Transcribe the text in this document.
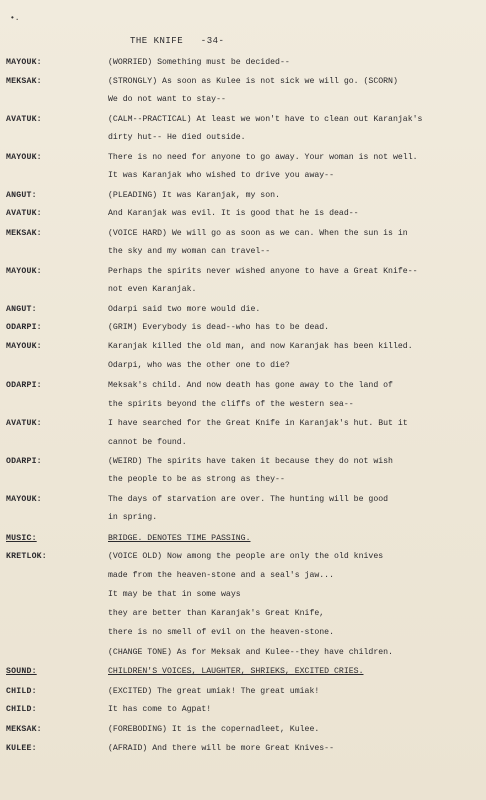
•.
THE KNIFE   -34-
MAYOUK:	(WORRIED) Something must be decided--
MEKSAK:	(STRONGLY) As soon as Kulee is not sick we will go. (SCORN)
We do not want to stay--
AVATUK:	(CALM--PRACTICAL) At least we won't have to clean out Karanjak's
dirty hut-- He died outside.
MAYOUK:	There is no need for anyone to go away. Your woman is not well.
It was Karanjak who wished to drive you away--
ANGUT:	(PLEADING) It was Karanjak, my son.
AVATUK:	And Karanjak was evil. It is good that he is dead--
MEKSAK:	(VOICE HARD) We will go as soon as we can. When the sun is in
the sky and my woman can travel--
MAYOUK:	Perhaps the spirits never wished anyone to have a Great Knife--
not even Karanjak.
ANGUT:	Odarpi said two more would die.
ODARPI:	(GRIM) Everybody is dead--who has to be dead.
MAYOUK:	Karanjak killed the old man, and now Karanjak has been killed.
Odarpi, who was the other one to die?
ODARPI:	Meksak's child. And now death has gone away to the land of
the spirits beyond the cliffs of the western sea--
AVATUK:	I have searched for the Great Knife in Karanjak's hut. But it
cannot be found.
ODARPI:	(WEIRD) The spirits have taken it because they do not wish
the people to be as strong as they--
MAYOUK:	The days of starvation are over. The hunting will be good
in spring.
MUSIC:	BRIDGE. DENOTES TIME PASSING.
KRETLOK:	(VOICE OLD) Now among the people are only the old knives
made from the heaven-stone and a seal's jaw...
It may be that in some ways
they are better than Karanjak's Great Knife,
there is no smell of evil on the heaven-stone.
(CHANGE TONE) As for Meksak and Kulee--they have children.
SOUND:	CHILDREN'S VOICES, LAUGHTER, SHRIEKS, EXCITED CRIES.
CHILD:	(EXCITED) The great umiak! The great umiak!
CHILD:	It has come to Agpat!
MEKSAK:	(FOREBODING) It is the copernadleet, Kulee.
KULEE:	(AFRAID) And there will be more Great Knives--
